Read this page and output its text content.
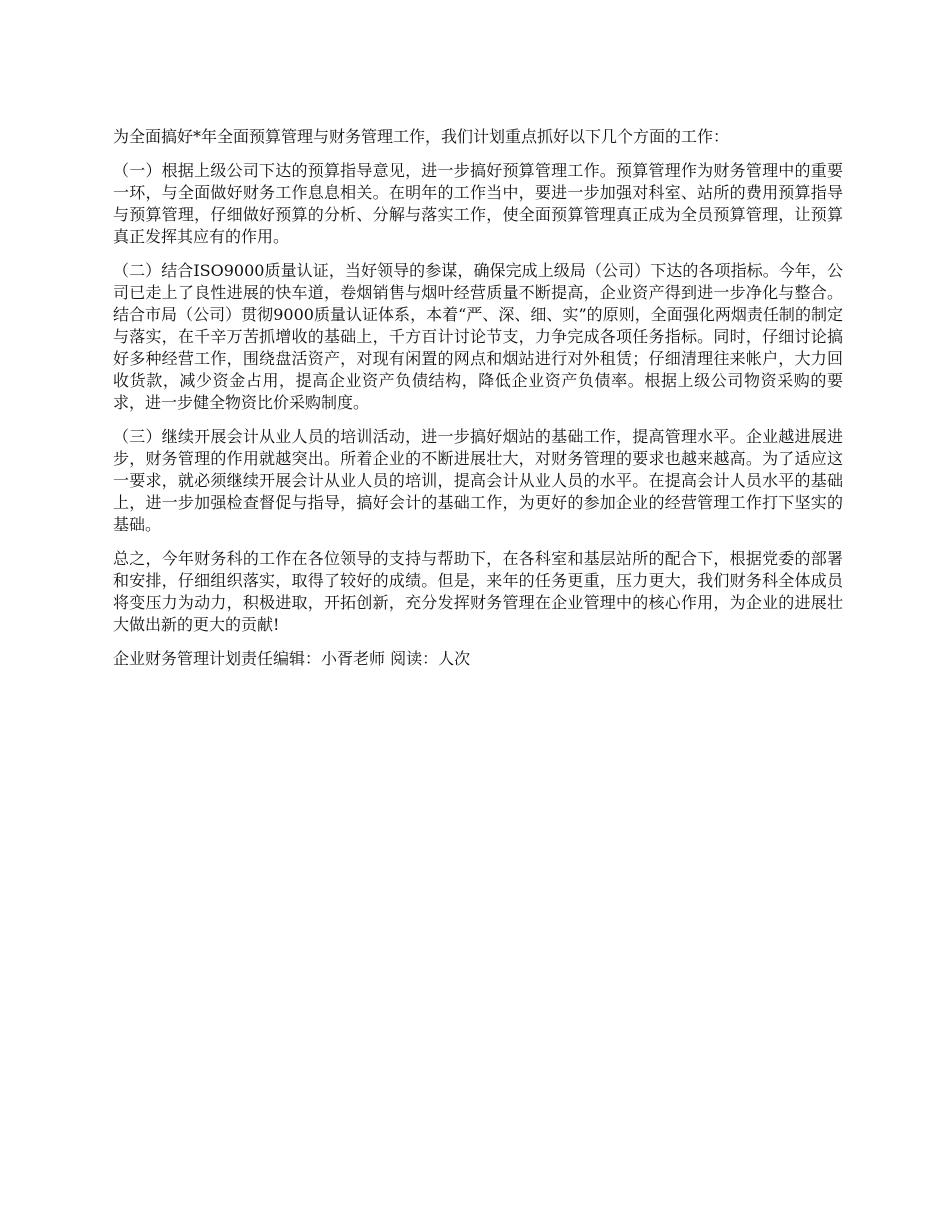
为全面搞好*年全面预算管理与财务管理工作，我们计划重点抓好以下几个方面的工作：

（一）根据上级公司下达的预算指导意见，进一步搞好预算管理工作。预算管理作为财务管理中的重要一环，与全面做好财务工作息息相关。在明年的工作当中，要进一步加强对科室、站所的费用预算指导与预算管理，仔细做好预算的分析、分解与落实工作，使全面预算管理真正成为全员预算管理，让预算真正发挥其应有的作用。

（二）结合ISO9000质量认证，当好领导的参谋，确保完成上级局（公司）下达的各项指标。今年，公司已走上了良性进展的快车道，卷烟销售与烟叶经营质量不断提高，企业资产得到进一步净化与整合。结合市局（公司）贯彻9000质量认证体系，本着“严、深、细、实”的原则，全面强化两烟责任制的制定与落实，在千辛万苦抓增收的基础上，千方百计讨论节支，力争完成各项任务指标。同时，仔细讨论搞好多种经营工作，围绕盘活资产，对现有闲置的网点和烟站进行对外租赁；仔细清理往来帐户，大力回收货款，减少资金占用，提高企业资产负债结构，降低企业资产负债率。根据上级公司物资采购的要求，进一步健全物资比价采购制度。

（三）继续开展会计从业人员的培训活动，进一步搞好烟站的基础工作，提高管理水平。企业越进展进步，财务管理的作用就越突出。所着企业的不断进展壮大，对财务管理的要求也越来越高。为了适应这一要求，就必须继续开展会计从业人员的培训，提高会计从业人员的水平。在提高会计人员水平的基础上，进一步加强检查督促与指导，搞好会计的基础工作，为更好的参加企业的经营管理工作打下坚实的基础。

总之，今年财务科的工作在各位领导的支持与帮助下，在各科室和基层站所的配合下，根据党委的部署和安排，仔细组织落实，取得了较好的成绩。但是，来年的任务更重，压力更大，我们财务科全体成员将变压力为动力，积极进取，开拓创新，充分发挥财务管理在企业管理中的核心作用，为企业的进展壮大做出新的更大的贡献!

企业财务管理计划责任编辑：小胥老师 阅读：人次
